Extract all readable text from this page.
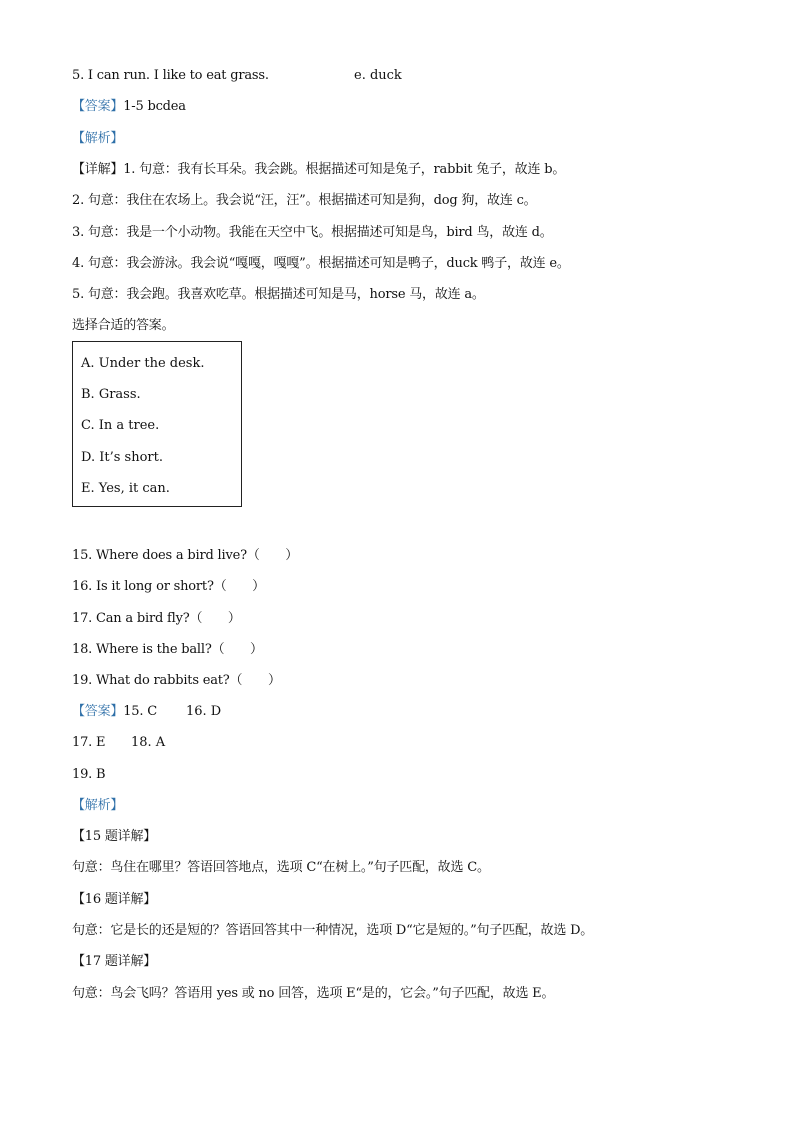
5. I can run. I like to eat grass.	e. duck
【答案】1-5 bcdea
【解析】
【详解】1. 句意：我有长耳朵。我会跳。根据描述可知是兔子，rabbit 兔子，故连 b。
2. 句意：我住在农场上。我会说“汪，汪”。根据描述可知是狗，dog 狗，故连 c。
3. 句意：我是一个小动物。我能在天空中飞。根据描述可知是鸟，bird 鸟，故连 d。
4. 句意：我会游泳。我会说“嘎嘎，嘎嘎”。根据描述可知是鸭子，duck 鸭子，故连 e。
5. 句意：我会跑。我喜欢吃草。根据描述可知是马，horse 马，故连 a。
选择合适的答案。
A. Under the desk.
B. Grass.
C. In a tree.
D. It’s short.
E. Yes, it can.
15. Where does a bird live?（　　）
16. Is it long or short?（　　）
17. Can a bird fly?（　　）
18. Where is the ball?（　　）
19. What do rabbits eat?（　　）
【答案】15. C 16. D
17. E 18. A
19. B
【解析】
【15 题详解】
句意：鸟住在哪里？答语回答地点，选项 C“在树上。”句子匹配，故选 C。
【16 题详解】
句意：它是长的还是短的？答语回答其中一种情况，选项 D“它是短的。”句子匹配，故选 D。
【17 题详解】
句意：鸟会飞吗？答语用 yes 或 no 回答，选项 E“是的，它会。”句子匹配，故选 E。
